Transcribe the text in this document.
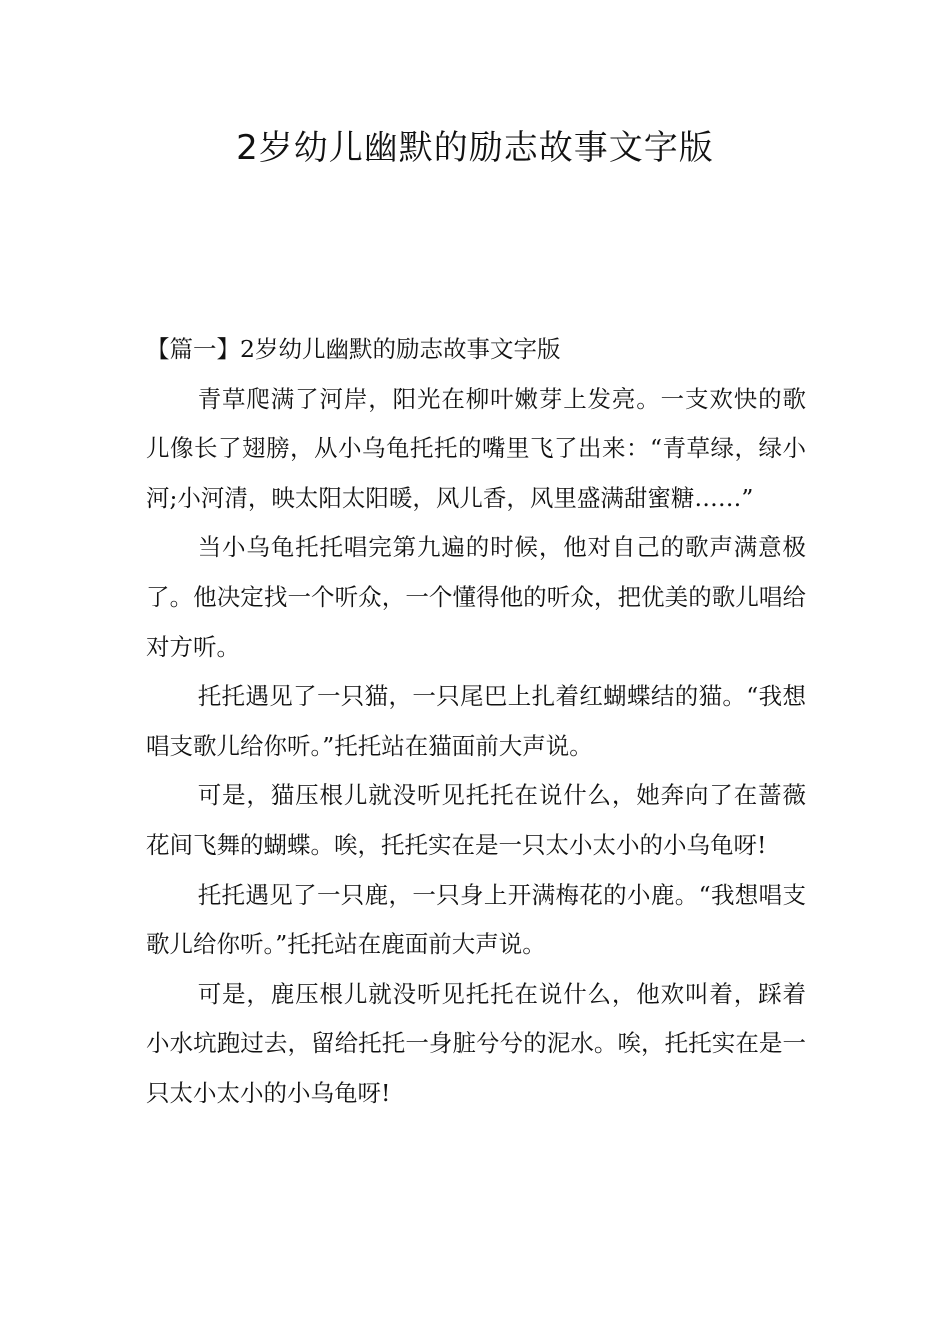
2岁幼儿幽默的励志故事文字版

【篇一】2岁幼儿幽默的励志故事文字版

青草爬满了河岸，阳光在柳叶嫩芽上发亮。一支欢快的歌儿像长了翅膀，从小乌龟托托的嘴里飞了出来：“青草绿，绿小河;小河清，映太阳太阳暖，风儿香，风里盛满甜蜜糖……”

当小乌龟托托唱完第九遍的时候，他对自己的歌声满意极了。他决定找一个听众，一个懂得他的听众，把优美的歌儿唱给对方听。

托托遇见了一只猫，一只尾巴上扎着红蝴蝶结的猫。“我想唱支歌儿给你听。”托托站在猫面前大声说。

可是，猫压根儿就没听见托托在说什么，她奔向了在蔷薇花间飞舞的蝴蝶。唉，托托实在是一只太小太小的小乌龟呀!

托托遇见了一只鹿，一只身上开满梅花的小鹿。“我想唱支歌儿给你听。”托托站在鹿面前大声说。

可是，鹿压根儿就没听见托托在说什么，他欢叫着，踩着小水坑跑过去，留给托托一身脏兮兮的泥水。唉，托托实在是一只太小太小的小乌龟呀!
